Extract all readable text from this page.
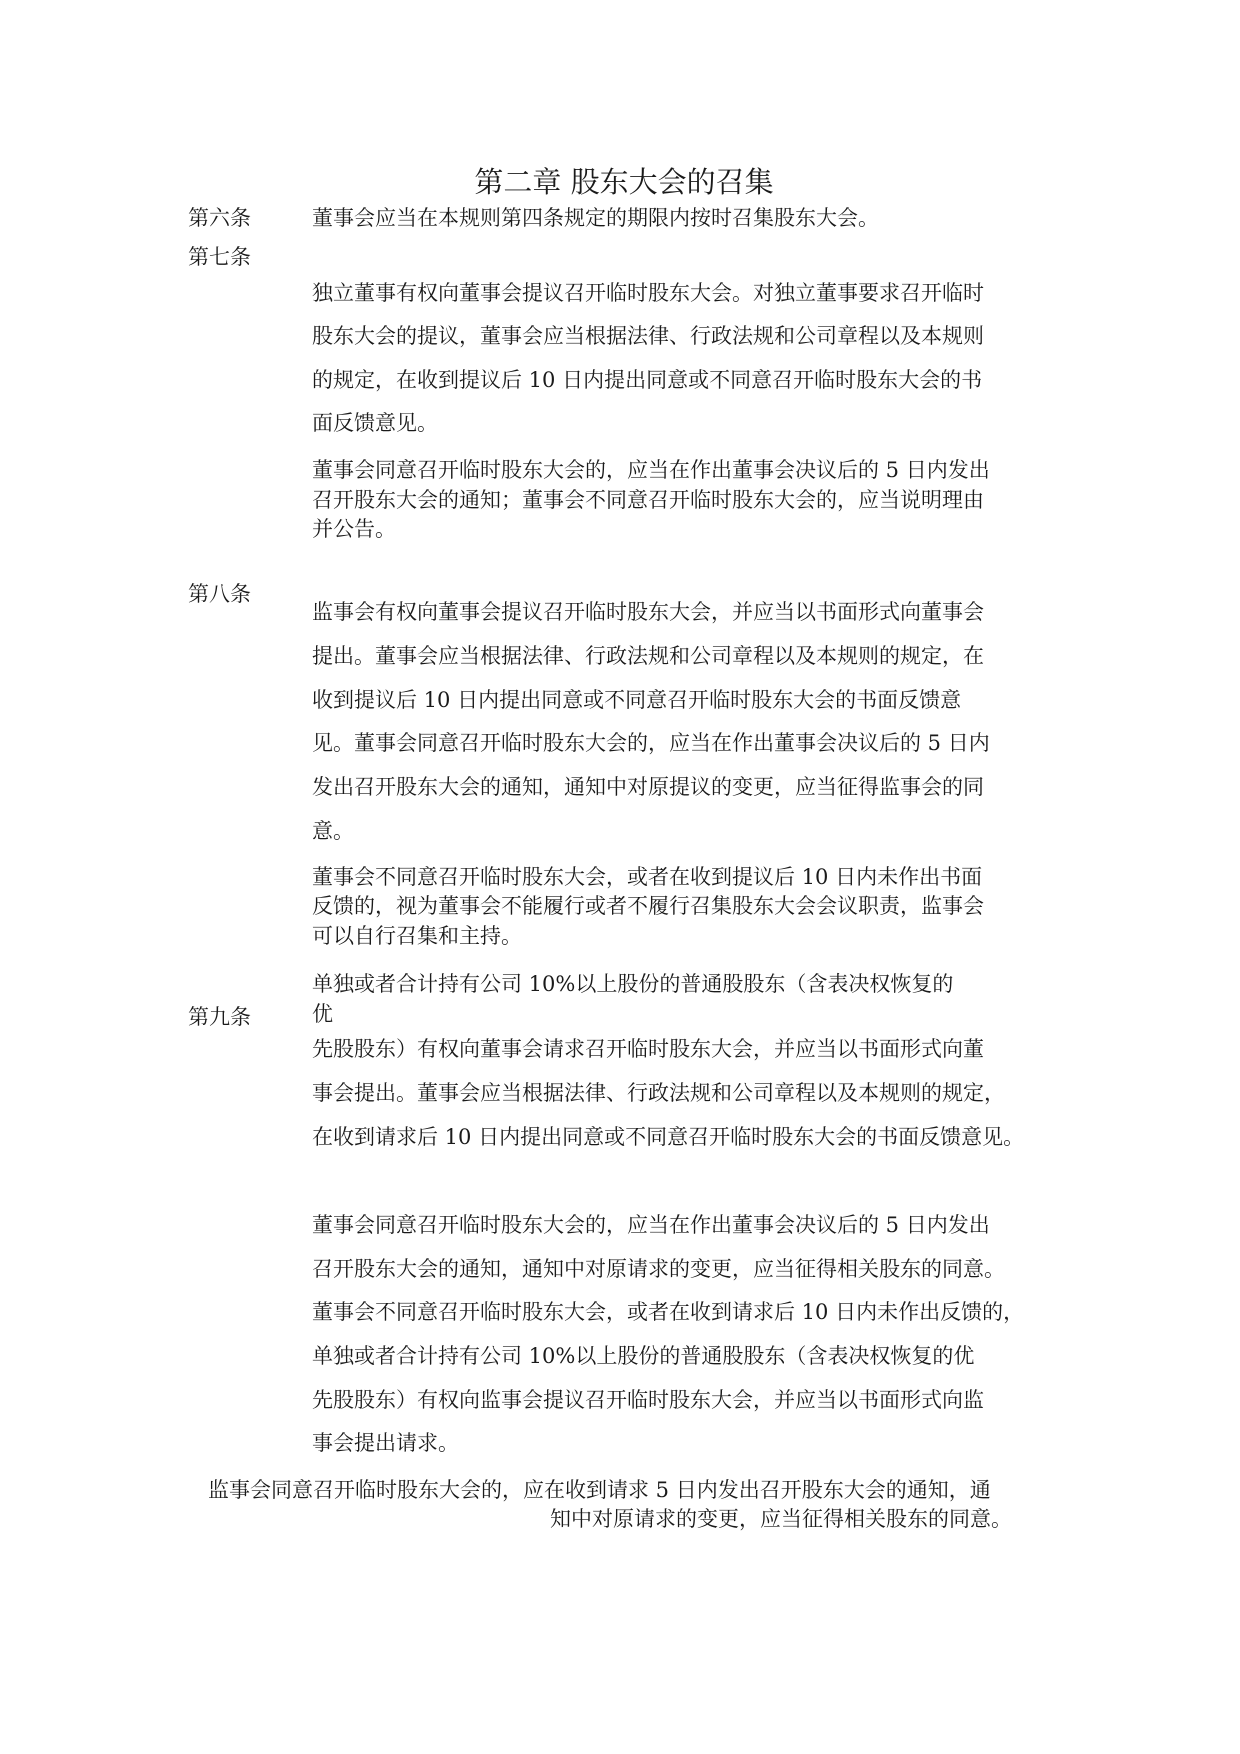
第二章 股东大会的召集
第六条	董事会应当在本规则第四条规定的期限内按时召集股东大会。
第七条
独立董事有权向董事会提议召开临时股东大会。对独立董事要求召开临时
股东大会的提议，董事会应当根据法律、行政法规和公司章程以及本规则
的规定，在收到提议后 10 日内提出同意或不同意召开临时股东大会的书
面反馈意见。
董事会同意召开临时股东大会的，应当在作出董事会决议后的 5 日内发出
召开股东大会的通知；董事会不同意召开临时股东大会的，应当说明理由
并公告。
第八条
监事会有权向董事会提议召开临时股东大会，并应当以书面形式向董事会
提出。董事会应当根据法律、行政法规和公司章程以及本规则的规定，在
收到提议后 10 日内提出同意或不同意召开临时股东大会的书面反馈意
见。董事会同意召开临时股东大会的，应当在作出董事会决议后的 5 日内
发出召开股东大会的通知，通知中对原提议的变更，应当征得监事会的同
意。
董事会不同意召开临时股东大会，或者在收到提议后 10 日内未作出书面
反馈的，视为董事会不能履行或者不履行召集股东大会会议职责，监事会
可以自行召集和主持。
第九条
单独或者合计持有公司 10%以上股份的普通股股东（含表决权恢复的
优
先股股东）有权向董事会请求召开临时股东大会，并应当以书面形式向董
事会提出。董事会应当根据法律、行政法规和公司章程以及本规则的规定，
在收到请求后 10 日内提出同意或不同意召开临时股东大会的书面反馈意见。
董事会同意召开临时股东大会的，应当在作出董事会决议后的 5 日内发出
召开股东大会的通知，通知中对原请求的变更，应当征得相关股东的同意。
董事会不同意召开临时股东大会，或者在收到请求后 10 日内未作出反馈的，
单独或者合计持有公司 10%以上股份的普通股股东（含表决权恢复的优
先股股东）有权向监事会提议召开临时股东大会，并应当以书面形式向监
事会提出请求。
监事会同意召开临时股东大会的，应在收到请求 5 日内发出召开股东大会的通知，通
知中对原请求的变更，应当征得相关股东的同意。
